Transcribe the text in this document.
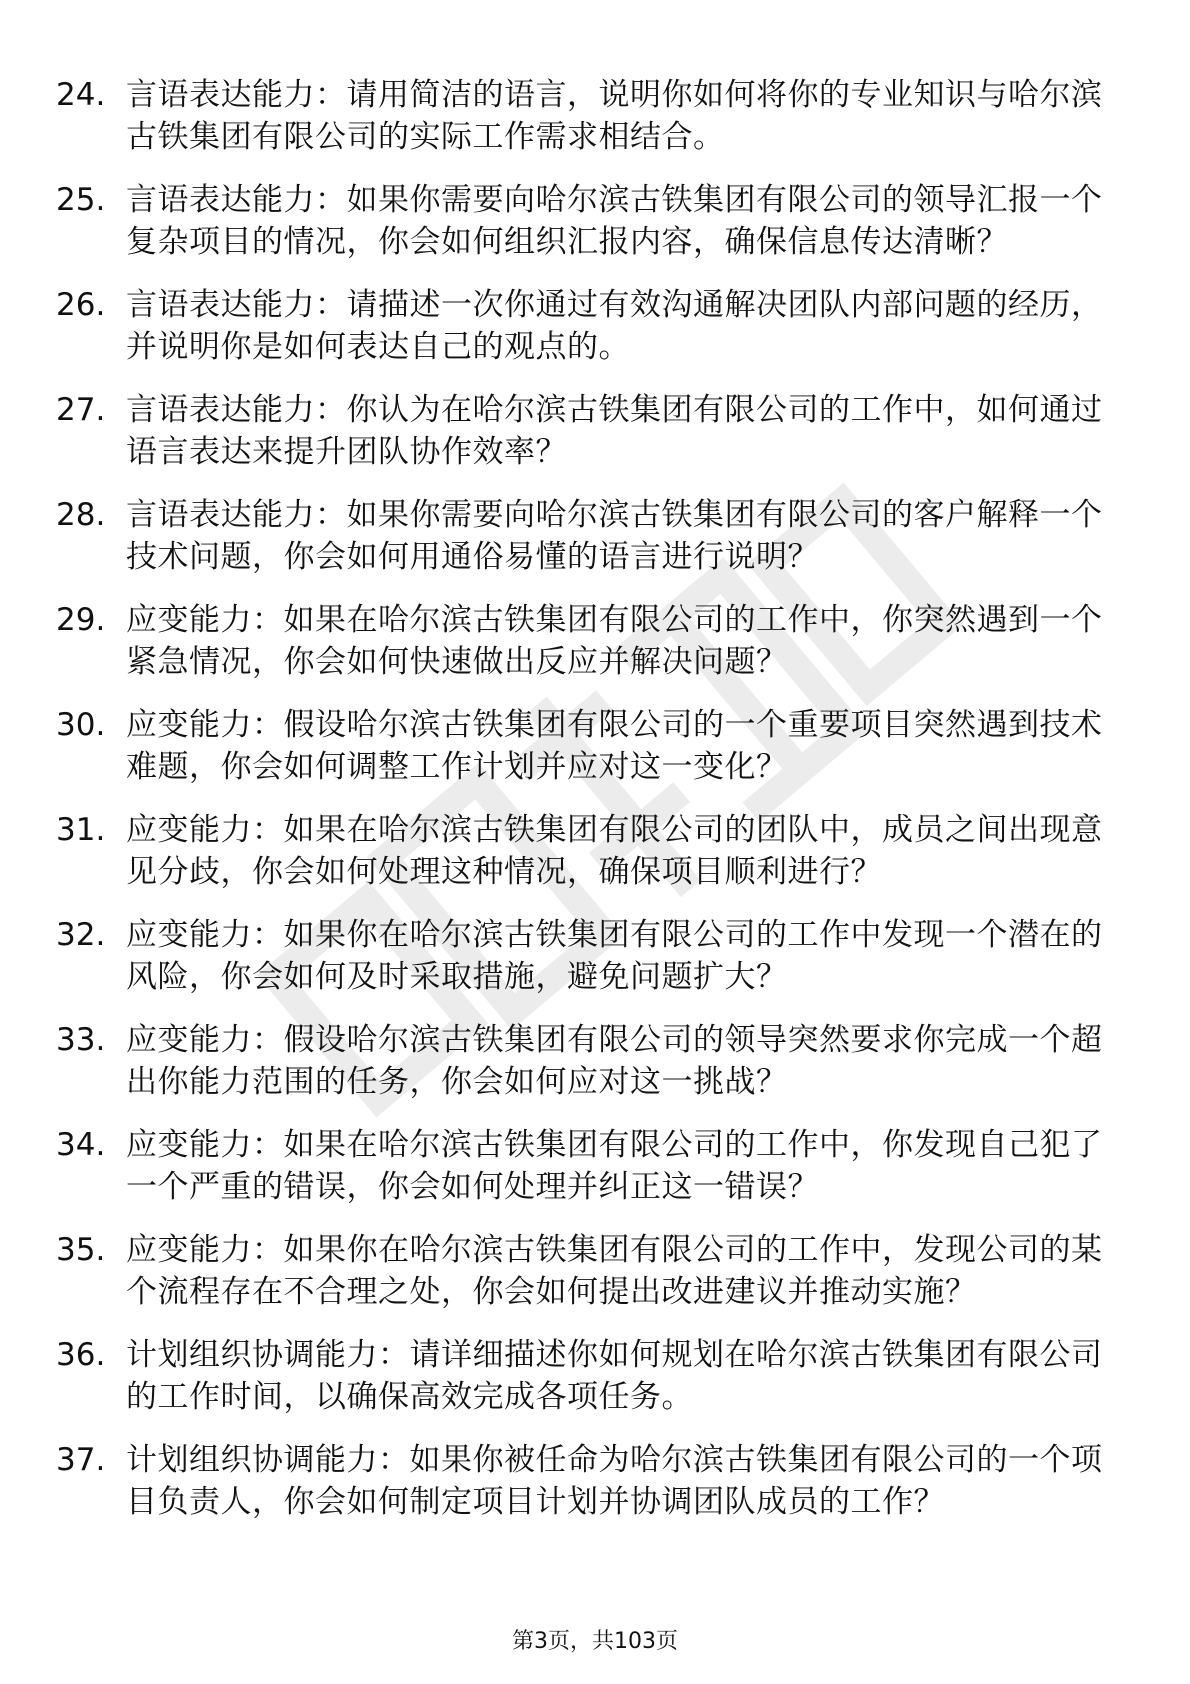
24. 言语表达能力：请用简洁的语言，说明你如何将你的专业知识与哈尔滨古铁集团有限公司的实际工作需求相结合。
25. 言语表达能力：如果你需要向哈尔滨古铁集团有限公司的领导汇报一个复杂项目的情况，你会如何组织汇报内容，确保信息传达清晰？
26. 言语表达能力：请描述一次你通过有效沟通解决团队内部问题的经历，并说明你是如何表达自己的观点的。
27. 言语表达能力：你认为在哈尔滨古铁集团有限公司的工作中，如何通过语言表达来提升团队协作效率？
28. 言语表达能力：如果你需要向哈尔滨古铁集团有限公司的客户解释一个技术问题，你会如何用通俗易懂的语言进行说明？
29. 应变能力：如果在哈尔滨古铁集团有限公司的工作中，你突然遇到一个紧急情况，你会如何快速做出反应并解决问题？
30. 应变能力：假设哈尔滨古铁集团有限公司的一个重要项目突然遇到技术难题，你会如何调整工作计划并应对这一变化？
31. 应变能力：如果在哈尔滨古铁集团有限公司的团队中，成员之间出现意见分歧，你会如何处理这种情况，确保项目顺利进行？
32. 应变能力：如果你在哈尔滨古铁集团有限公司的工作中发现一个潜在的风险，你会如何及时采取措施，避免问题扩大？
33. 应变能力：假设哈尔滨古铁集团有限公司的领导突然要求你完成一个超出你能力范围的任务，你会如何应对这一挑战？
34. 应变能力：如果在哈尔滨古铁集团有限公司的工作中，你发现自己犯了一个严重的错误，你会如何处理并纠正这一错误？
35. 应变能力：如果你在哈尔滨古铁集团有限公司的工作中，发现公司的某个流程存在不合理之处，你会如何提出改进建议并推动实施？
36. 计划组织协调能力：请详细描述你如何规划在哈尔滨古铁集团有限公司的工作时间，以确保高效完成各项任务。
37. 计划组织协调能力：如果你被任命为哈尔滨古铁集团有限公司的一个项目负责人，你会如何制定项目计划并协调团队成员的工作？
第3页，共103页
